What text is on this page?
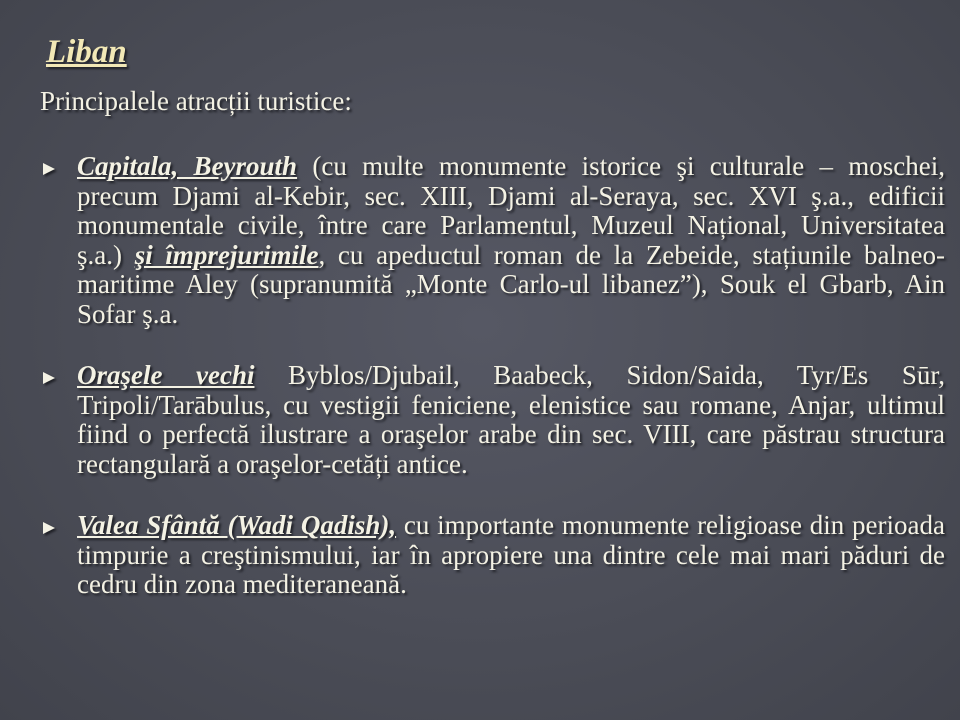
Liban

Principalele atracții turistice:

Capitala, Beyrouth (cu multe monumente istorice şi culturale – moschei, precum Djami al-Kebir, sec. XIII, Djami al-Seraya, sec. XVI ş.a., edificii monumentale civile, între care Parlamentul, Muzeul Național, Universitatea ş.a.) şi împrejurimile, cu apeductul roman de la Zebeide, stațiunile balneo-maritime Aley (supranumită „Monte Carlo-ul libanez”), Souk el Gbarb, Ain Sofar ş.a.

Oraşele vechi Byblos/Djubail, Baabeck, Sidon/Saida, Tyr/Es Sūr, Tripoli/Tarābulus, cu vestigii feniciene, elenistice sau romane, Anjar, ultimul fiind o perfectă ilustrare a oraşelor arabe din sec. VIII, care păstrau structura rectangulară a oraşelor-cetăți antice.

Valea Sfântă (Wadi Qadish), cu importante monumente religioase din perioada timpurie a creştinismului, iar în apropiere una dintre cele mai mari păduri de cedru din zona mediteraneană.
